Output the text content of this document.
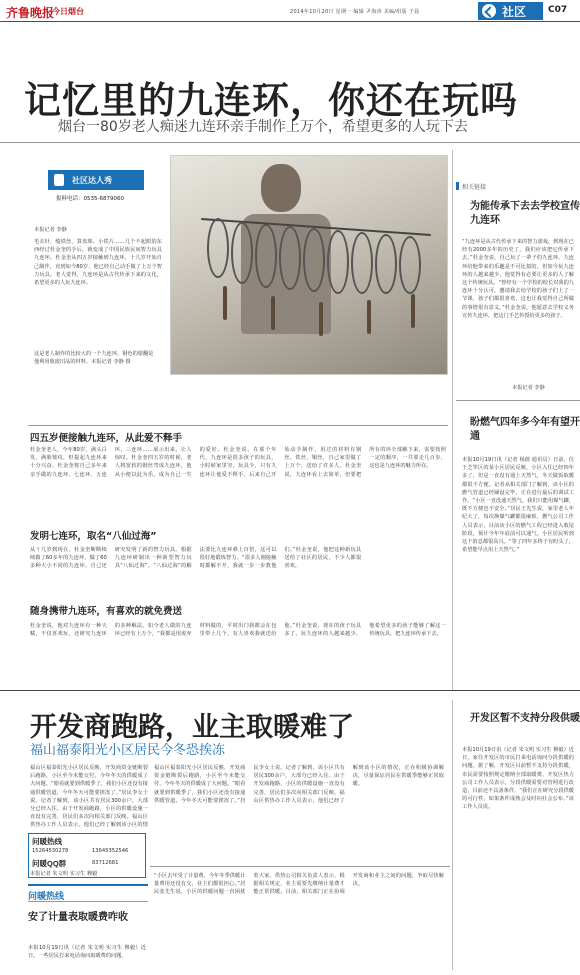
齐鲁晚报
今日烟台	2014年10月20日 星期一 编辑 尹海涛 美编/组版 于晨	社区 C07
记忆里的九连环，你还在玩吗
烟台一80岁老人痴迷九连环亲手制作上万个，希望更多的人玩下去
社区达人秀
报料电话：0535-6879060
本报记者 李静
毛衣针、缝铁丝、算盘珠、小铁片……几个不起眼的东西经过杜金奎的手后，就变成了中国民族民间智力玩具九连环。杜金奎从四五岁接触到九连环，十几岁开始自己制作，直到如今80岁，他已经自己动手做了上万个智力玩具。老人觉得，九连环是从古代传承下来的文化，希望更多的人玩九连环。
这是老人制作的比较大的一个九连环，钢色的银翻是他利用收废旧品的材料。本报记者 李静 摄
四五岁便接触九连环，从此爱不释手
杜金奎老人，今年80岁，满头白发，满脸皱纹，但提起九连环来十分兴奋。杜金奎将自己多年来亲手做的九连环、七连环、五连环、三连环……展示出来，让人惊叹。杜金奎四五岁的时候，老人将宽软的钢丝弯成九连环，他从小便以此为乐，成为自己一生的爱好。杜金奎说，在那个年代，九连环是很多孩子的玩具，小时候家里穷，玩具少，只有九连环让他爱不释手。后来自己开始动手制作，用过的材料有钢丝、铁丝、铜丝，自己家里做了上万个，送给了许多人。杜金奎说，九连环看上去简单，但要把所有的环全部解下来，需要按照一定的顺序，一共要走几百步，这也是九连环的魅力所在。
发明七连环，取名“八仙过海”
从十几岁到现在，杜金奎断断续续做了60多年的九连环，做了60多种大小不同的九连环，自己还研究发明了新的智力玩具。根据九连环研制出一种新型智力玩具“八仙过海”。“八仙过海”的解法要比九连环难上百倍，这可以很好地锻炼智力。“很多人刚接触时都解不开，我就一步一步教他们。”杜金奎说，他把这种新玩具送给了社区的居民，不少人都很喜欢。
随身携带九连环，有喜欢的就免费送
杜金奎说，他对九连环有一种天赋，不仅喜欢玩，还研究九连环的多种解法。如今老人做的九连环已经有上万个，“我都是用废弃材料做的，平时出门我都会在包里带上几个，有人喜欢我就送给他。”杜金奎说，现在的孩子玩具多了，玩九连环的人越来越少，他希望更多的孩子能够了解这一传统玩具，把九连环传承下去。
相关链接
为能传承下去去学校宣传九连环
“九连环是从古代传承下来的智力游戏，到现在已经有2000多年的历史了。我们应该把它传承下去。”杜金奎说，自己玩了一辈子的九连环，九连环给他带来的乐趣是不可比拟的，但如今玩九连环的人越来越少，他觉得有必要让更多的人了解这个传统玩具。“曾经有一个学校的校长对我的九连环十分认可，邀请我去给学校的孩子们上了一节课，孩子们都很喜欢，这也让我觉得自己所做的事情很有意义。”杜金奎说，他愿意去学校义务宣传九连环，把这门手艺传授给更多的孩子。
本报记者 李静
盼燃气四年多今年有望开通
本报10月19日讯（记者 杨蔚 通讯员）日前，位于芝罘区的某小区居民反映，小区入住已经四年多了，但是一直没有通上天然气，冬天做饭取暖都很不方便。记者从相关部门了解到，该小区的燃气管道已经铺设完毕，正在进行最后的调试工作。“小区一直没通天然气，我们只能用煤气罐，既不方便也不安全。”居民王先生说，家里老人年纪大了，每次换煤气罐都很麻烦。燃气公司工作人员表示，目前该小区的燃气工程已经进入收尾阶段，预计今年年底前可以通气。小区居民听到这个消息都很高兴。“等了四年多终于有盼头了，希望能早点用上天然气。”
开发商跑路，业主取暖难了
福山福泰阳光小区居民今冬恐挨冻
福山区福泰阳光小区居民反映，开发商资金链断裂后跑路，小区至今未能交付，今年冬天的供暖成了大问题。“眼看就要到供暖季了，我们小区还没有接通供暖管道，今年冬天可能要挨冻了。”居民李女士说。记者了解到，该小区共有居民300余户，大部分已经入住。由于开发商跑路，小区的供暖设施一直没有完善，居民们多次向相关部门反映。福山区供热办工作人员表示，他们已经了解到该小区的情
福山区福泰阳光小区居民反映，开发商资金链断裂后跑路，小区至今未能交付，今年冬天的供暖成了大问题。“眼看就要到供暖季了，我们小区还没有接通供暖管道，今年冬天可能要挨冻了。”居民李女士说。记者了解到，该小区共有居民300余户，大部分已经入住。由于开发商跑路，小区的供暖设施一直没有完善，居民们多次向相关部门反映。福山区供热办工作人员表示，他们已经了解到该小区的情况，正在积极协调解决，尽量保证居民在供暖季能够正常取暖。
问暖热线
15264530278	13645352546
问暖QQ群	83712681
本报记者 朱文明 实习生 穆毅	“小区去年受了计量费，今年冬季供暖计量费用还没有交，业主们都很担心。”居民张先生说，小区的供暖问题一直困扰着大家。供热公司相关负责人表示，根据相关规定，业主需要先缴纳计量费才能正常供暖。目前，相关部门正在协调开发商和业主之间的问题，争取尽快解决。
问暖热线
安了计量表取暖费咋收
本报10月19日讯（记者 朱文明 实习生 穆毅）近日，一些居民打来电话询问取暖费的问题。
开发区暂不支持分段供暖
本报10月19日讯（记者 朱文明 实习生 穆毅）近日，家住开发区的市民打来电话询问分段供暖的问题。据了解，开发区目前暂不支持分段供暖，市民需要按照规定缴纳全部取暖费。开发区热力公司工作人员表示，分段供暖需要对管网进行改造，目前还不具备条件。“我们正在研究分段供暖的可行性，如果条件成熟会及时向社会公布。”该工作人员说。
